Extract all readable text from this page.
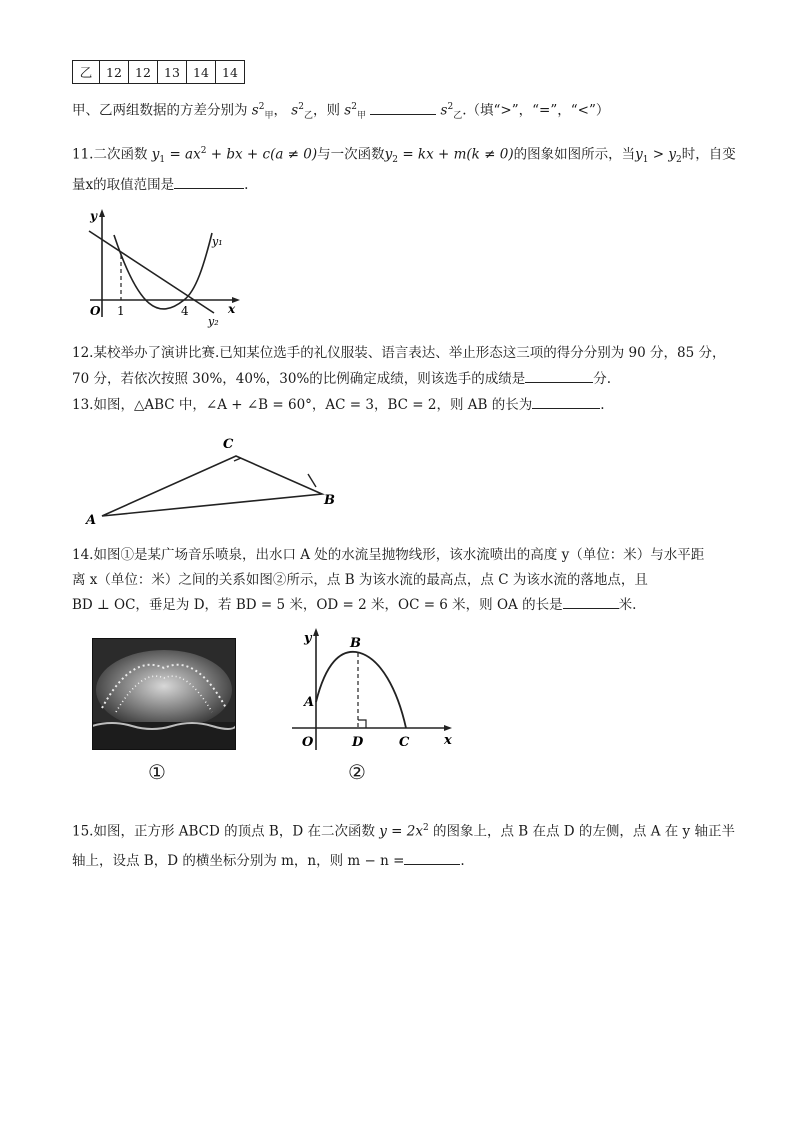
乙	12	12	13	14	14
甲、乙两组数据的方差分别为 $s^2_甲$， $s^2_乙$，则 $s^2_甲$	$s^2_乙$.（填“>”，“=”，“<”）
11.二次函数 $y_1 = ax^2$ + bx + c(a ≠ 0)与一次函数$y_2$ = kx + m(k ≠ 0)的图象如图所示，当$y_1 > y_2$时，自变
量x的取值范围是	.
y
x
O 1	4
y₁
y₂
12.某校举办了演讲比赛.已知某位选手的礼仪服装、语言表达、举止形态这三项的得分分别为 90 分，85 分，
70 分，若依次按照 30%，40%，30%的比例确定成绩，则该选手的成绩是	分.
13.如图，△ABC 中，∠A + ∠B = 60°，AC = 3，BC = 2，则 AB 的长为	.
A
C
B
14.如图①是某广场音乐喷泉，出水口 A 处的水流呈抛物线形，该水流喷出的高度 y（单位：米）与水平距
离 x（单位：米）之间的关系如图②所示，点 B 为该水流的最高点，点 C 为该水流的落地点，且
BD ⊥ OC，垂足为 D，若 BD = 5 米，OD = 2 米，OC = 6 米，则 OA 的长是	米.
①
y
x
O
A
B
D	C
②
15.如图，正方形 ABCD 的顶点 B，D 在二次函数 $y = 2x^2$ 的图象上，点 B 在点 D 的左侧，点 A 在 y 轴正半
轴上，设点 B，D 的横坐标分别为 m，n，则 m − n =	.
